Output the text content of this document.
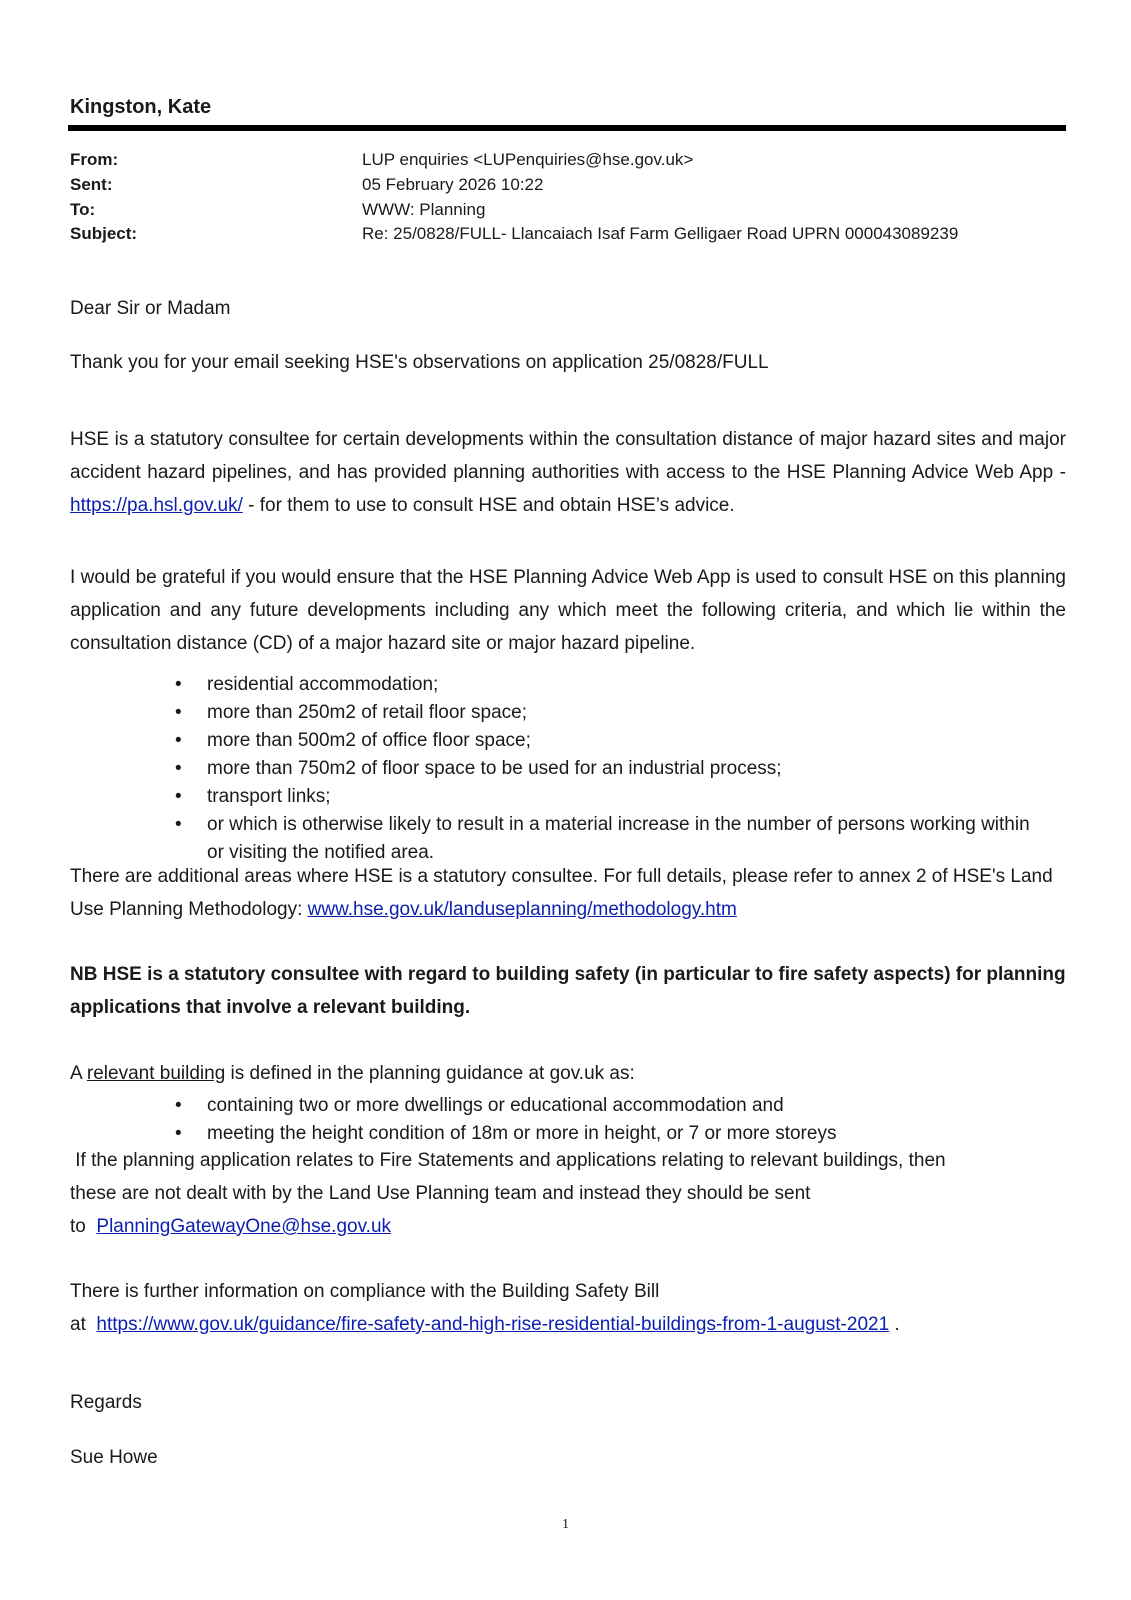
Kingston, Kate
From:	LUP enquiries <LUPenquiries@hse.gov.uk>
Sent:	05 February 2026 10:22
To:	WWW: Planning
Subject:	Re: 25/0828/FULL- Llancaiach Isaf Farm Gelligaer Road UPRN 000043089239
Dear Sir or Madam
Thank you for your email seeking HSE's observations on application 25/0828/FULL
HSE is a statutory consultee for certain developments within the consultation distance of major hazard sites and major accident hazard pipelines, and has provided planning authorities with access to the HSE Planning Advice Web App - https://pa.hsl.gov.uk/ - for them to use to consult HSE and obtain HSE’s advice.
I would be grateful if you would ensure that the HSE Planning Advice Web App is used to consult HSE on this planning application and any future developments including any which meet the following criteria, and which lie within the consultation distance (CD) of a major hazard site or major hazard pipeline.
• residential accommodation;
• more than 250m2 of retail floor space;
• more than 500m2 of office floor space;
• more than 750m2 of floor space to be used for an industrial process;
• transport links;
• or which is otherwise likely to result in a material increase in the number of persons working within or visiting the notified area.
There are additional areas where HSE is a statutory consultee. For full details, please refer to annex 2 of HSE's Land Use Planning Methodology: www.hse.gov.uk/landuseplanning/methodology.htm
NB HSE is a statutory consultee with regard to building safety (in particular to fire safety aspects) for planning applications that involve a relevant building.
A relevant building is defined in the planning guidance at gov.uk as:
• containing two or more dwellings or educational accommodation and
• meeting the height condition of 18m or more in height, or 7 or more storeys
If the planning application relates to Fire Statements and applications relating to relevant buildings, then
these are not dealt with by the Land Use Planning team and instead they should be sent
to  PlanningGatewayOne@hse.gov.uk
There is further information on compliance with the Building Safety Bill
at  https://www.gov.uk/guidance/fire-safety-and-high-rise-residential-buildings-from-1-august-2021 .
Regards
Sue Howe
1
